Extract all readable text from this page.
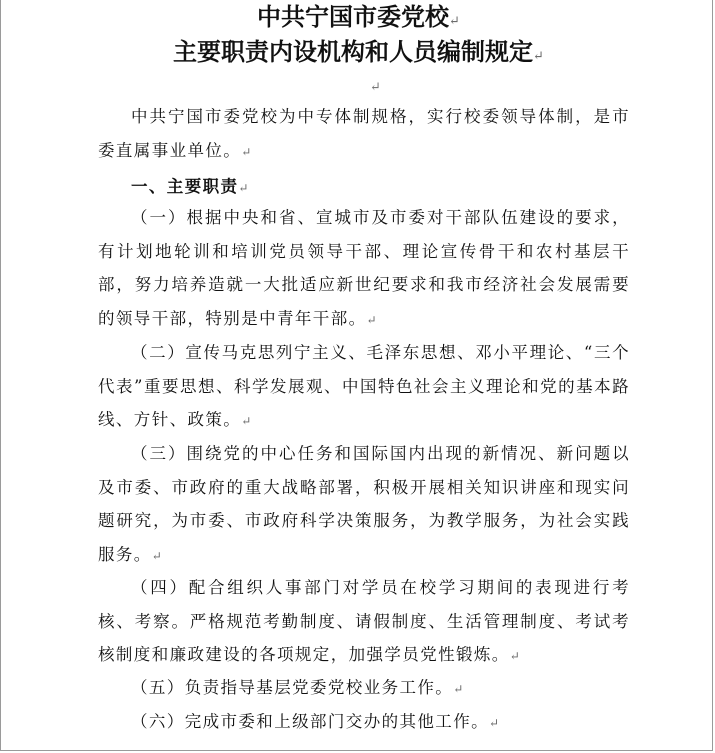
中共宁国市委党校↵
主要职责内设机构和人员编制规定↵
↵

中共宁国市委党校为中专体制规格，实行校委领导体制，是市委直属事业单位。↵

一、主要职责↵

（一）根据中央和省、宣城市及市委对干部队伍建设的要求，有计划地轮训和培训党员领导干部、理论宣传骨干和农村基层干部，努力培养造就一大批适应新世纪要求和我市经济社会发展需要的领导干部，特别是中青年干部。↵

（二）宣传马克思列宁主义、毛泽东思想、邓小平理论、“三个代表”重要思想、科学发展观、中国特色社会主义理论和党的基本路线、方针、政策。↵

（三）围绕党的中心任务和国际国内出现的新情况、新问题以及市委、市政府的重大战略部署，积极开展相关知识讲座和现实问题研究，为市委、市政府科学决策服务，为教学服务，为社会实践服务。↵

（四）配合组织人事部门对学员在校学习期间的表现进行考核、考察。严格规范考勤制度、请假制度、生活管理制度、考试考核制度和廉政建设的各项规定，加强学员党性锻炼。↵

（五）负责指导基层党委党校业务工作。↵

（六）完成市委和上级部门交办的其他工作。↵
